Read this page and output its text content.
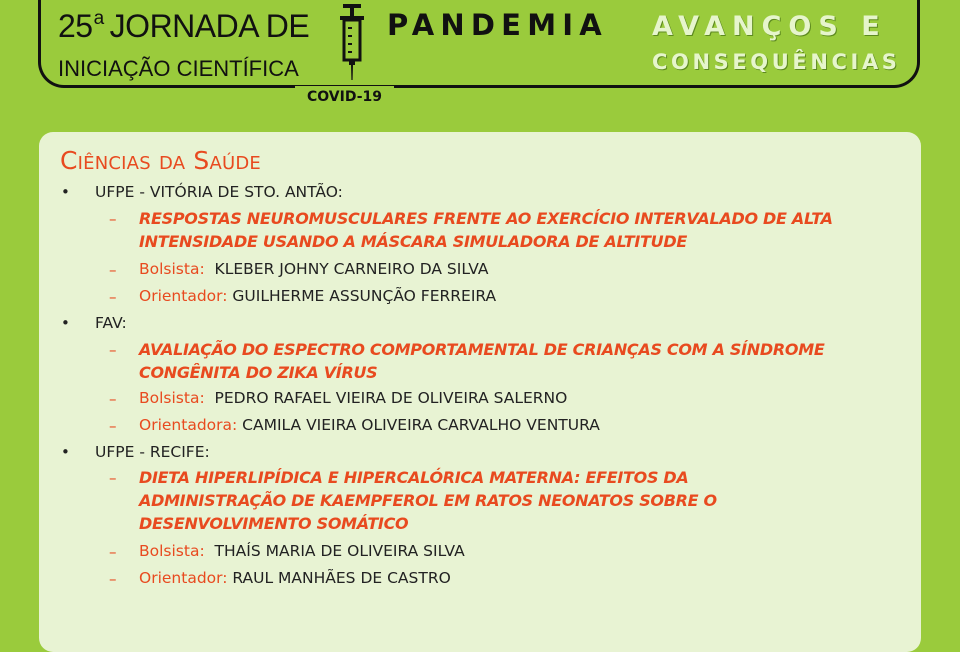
25$^a$ JORNADA DE
INICIAÇÃO CIENTÍFICA
PANDEMIA AVANÇOS E
CONSEQUÊNCIAS
COVID-19
Ciências da Saúde
• UFPE - VITÓRIA DE STO. ANTÃO:
– RESPOSTAS NEUROMUSCULARES FRENTE AO EXERCÍCIO INTERVALADO DE ALTA
INTENSIDADE USANDO A MÁSCARA SIMULADORA DE ALTITUDE
– Bolsista: KLEBER JOHNY CARNEIRO DA SILVA
– Orientador: GUILHERME ASSUNÇÃO FERREIRA
• FAV:
– AVALIAÇÃO DO ESPECTRO COMPORTAMENTAL DE CRIANÇAS COM A SÍNDROME
CONGÊNITA DO ZIKA VÍRUS
– Bolsista: PEDRO RAFAEL VIEIRA DE OLIVEIRA SALERNO
– Orientadora: CAMILA VIEIRA OLIVEIRA CARVALHO VENTURA
• UFPE - RECIFE:
– DIETA HIPERLIPÍDICA E HIPERCALÓRICA MATERNA: EFEITOS DA
ADMINISTRAÇÃO DE KAEMPFEROL EM RATOS NEONATOS SOBRE O
DESENVOLVIMENTO SOMÁTICO
– Bolsista: THAÍS MARIA DE OLIVEIRA SILVA
– Orientador: RAUL MANHÃES DE CASTRO
